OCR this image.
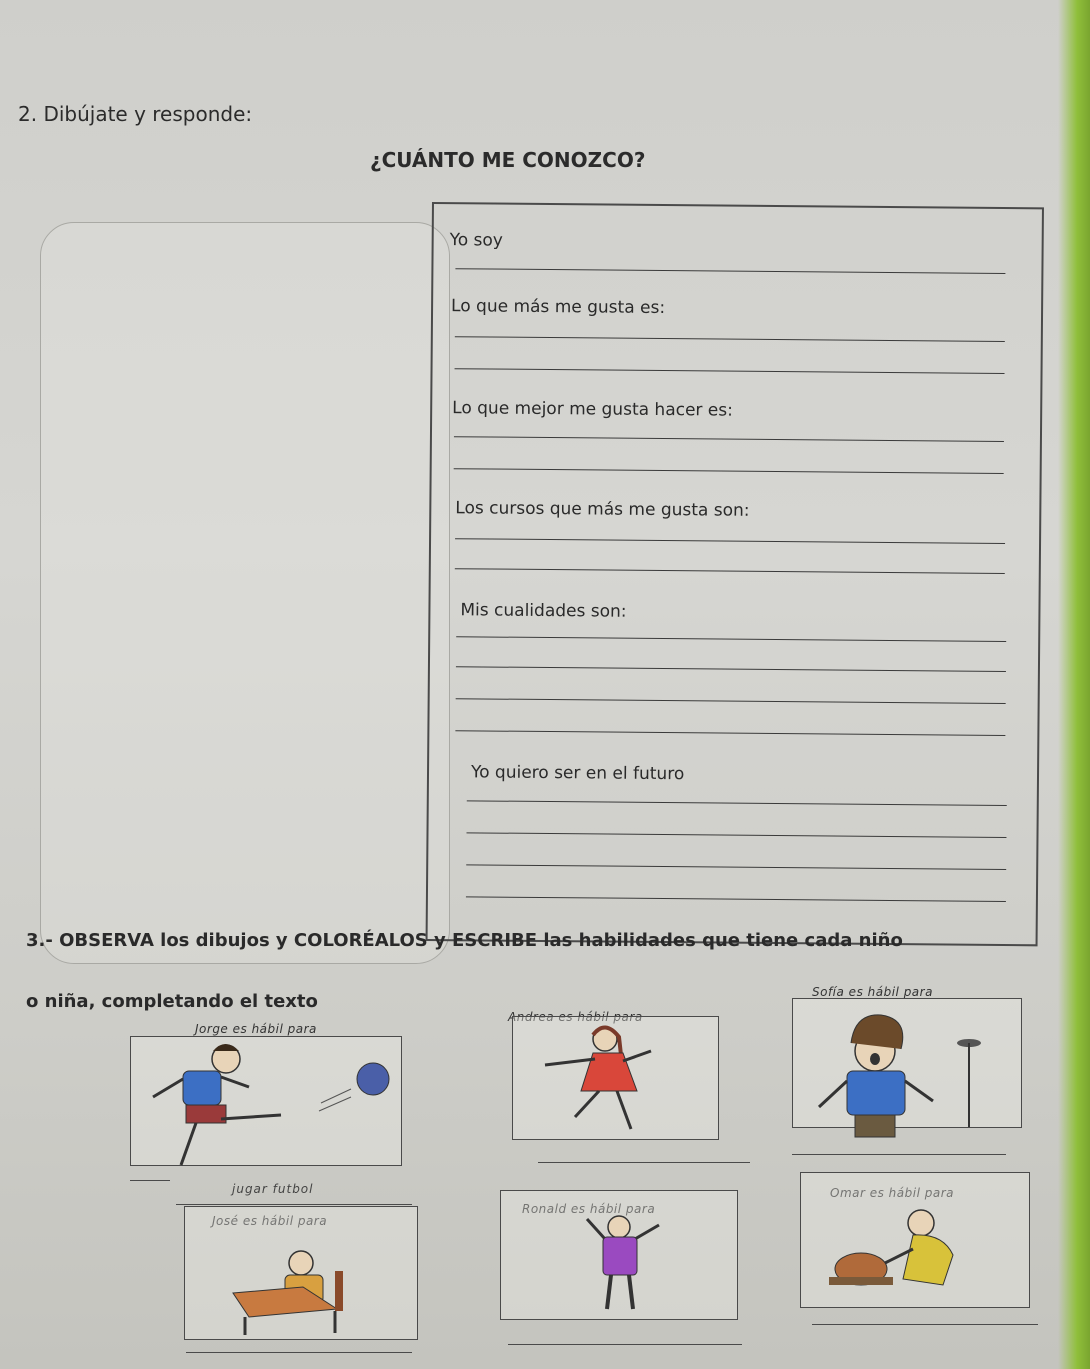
2. Dibújate y responde:
¿CUÁNTO ME CONOZCO?
Yo soy
Lo que más me gusta es:
Lo que mejor me gusta hacer es:
Los cursos que más me gusta son:
Mis cualidades son:
Yo quiero ser en el futuro
3.- OBSERVA los dibujos y COLORÉALOS y ESCRIBE las habilidades que tiene cada niño
o niña, completando el texto
Jorge es hábil para
jugar futbol
Andrea es hábil para
Sofía es hábil para
José es hábil para
Ronald es hábil para
Omar es hábil para
